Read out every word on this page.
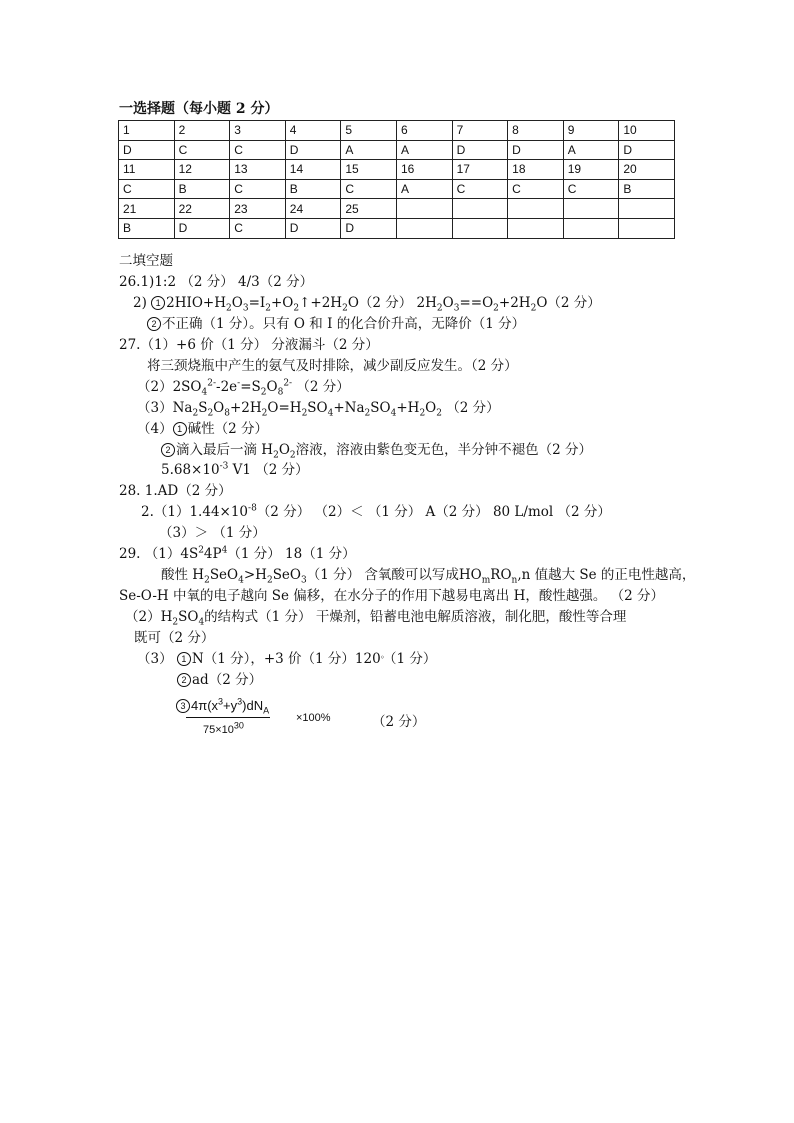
一选择题（每小题 2 分）
1	2	3	4	5	6	7	8	9	10
D	C	C	D	A	A	D	D	A	D
11	12	13	14	15	16	17	18	19	20
C	B	C	B	C	A	C	C	C	B
21	22	23	24	25					
B	D	C	D	D					
二填空题
26.1)1:2 （2 分） 4/3（2 分）
2) 1 $2HIO+H_2O_3=I_2+O_2↑+2H_2O(2$ 分） $2H_2O_3==O_2+2H_2O(2$ 分）
2 不正确（1 分）。只有 O 和 I 的化合价升高，无降价（1 分）
27.（1）+6 价（1 分） 分液漏斗（2 分）
将三颈烧瓶中产生的氨气及时排除，减少副反应发生。（2 分）
$(2)2SO_4^{2-}-2e^-=S_2O_8^{2-}$ （2 分）
$(3)Na_2S_2O_8+2H_2O=H_2SO_4+Na_2SO_4+H_2O_2$ （2 分）
（4） 1 碱性（2 分）
2 滴入最后一滴 $H_2O_2$溶液，溶液由紫色变无色，半分钟不褪色（2 分）
$5.68\times 10^{-3}$ V1 （2 分）
28. 1.AD（2 分）
$2.(1)1.44\times 10^{-8}(2$ 分） （2）＜ （1 分） A（2 分） 80 L/mol （2 分）
（3）＞ （1 分）
29. $(1)4S^24P^4(1$ 分） 18（1 分）
酸性 $H_2SeO_4>H_2SeO_3(1$ 分） 含氧酸可以写成$HO_mRO_n,n$ 值越大 Se 的正电性越高，
Se-O-H 中氧的电子越向 Se 偏移，在水分子的作用下越易电离出 H，酸性越强。 （2 分）
$(2)H_2SO_4$的结构式（1 分） 干燥剂，铅蓄电池电解质溶液，制化肥，酸性等合理
既可（2 分）
（3） 1 N（1 分），+3 价（1 分）120。（1 分）
2 ad（2 分）
3 $4\pi(x^3+y^3)dN_A$
$75\times 10^{30}$
×100%	（2 分）
